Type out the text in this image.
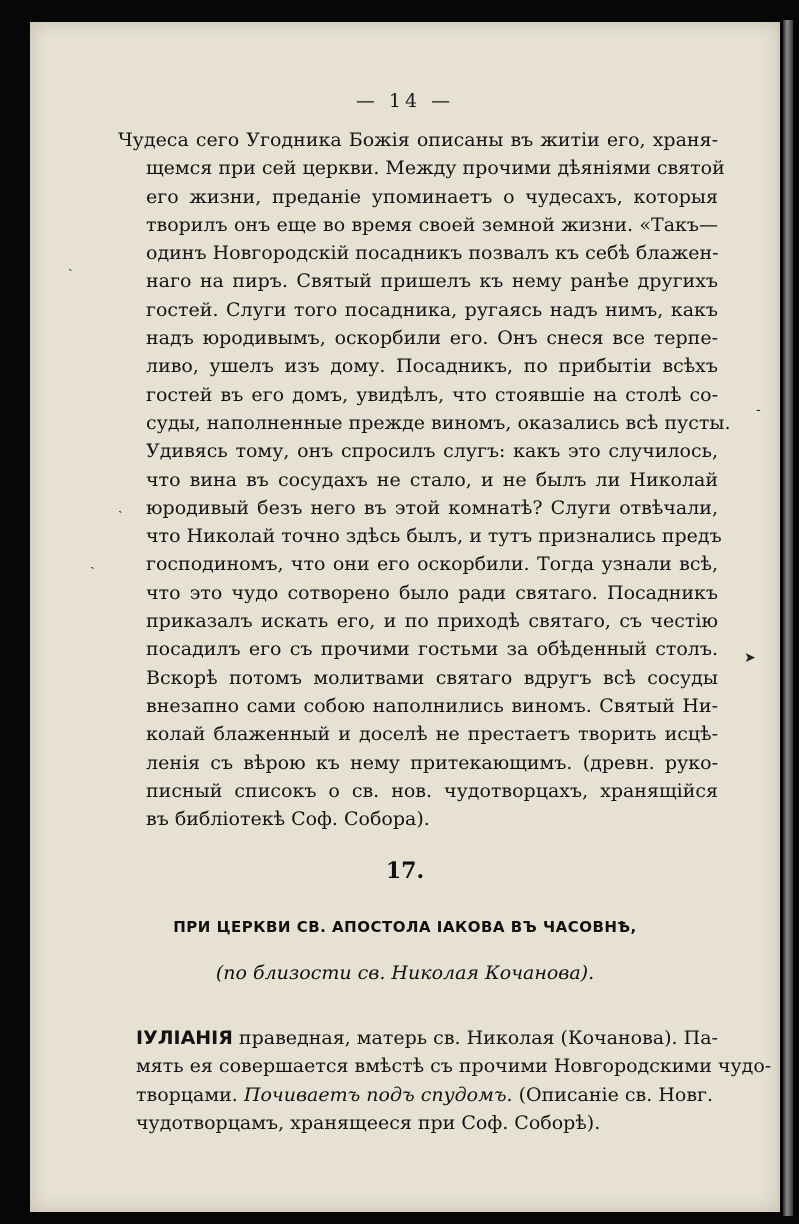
— 14 —
Чудеса сего Угодника Божія описаны въ житіи его, храня-
щемся при сей церкви. Между прочими дѣяніями святой
его жизни, преданіе упоминаетъ о чудесахъ, которыя
творилъ онъ еще во время своей земной жизни. «Такъ—
одинъ Новгородскій посадникъ позвалъ къ себѣ блажен-
наго на пиръ. Святый пришелъ къ нему ранѣе другихъ
гостей. Слуги того посадника, ругаясь надъ нимъ, какъ
надъ юродивымъ, оскорбили его. Онъ снеся все терпе-
ливо, ушелъ изъ дому. Посадникъ, по прибытіи всѣхъ
гостей въ его домъ, увидѣлъ, что стоявшіе на столѣ со-
суды, наполненные прежде виномъ, оказались всѣ пусты.
Удивясь тому, онъ спросилъ слугъ: какъ это случилось,
что вина въ сосудахъ не стало, и не былъ ли Николай
юродивый безъ него въ этой комнатѣ? Слуги отвѣчали,
что Николай точно здѣсь былъ, и тутъ признались предъ
господиномъ, что они его оскорбили. Тогда узнали всѣ,
что это чудо сотворено было ради святаго. Посадникъ
приказалъ искать его, и по приходѣ святаго, съ честію
посадилъ его съ прочими гостьми за обѣденный столъ.
Вскорѣ потомъ молитвами святаго вдругъ всѣ сосуды
внезапно сами собою наполнились виномъ. Святый Ни-
колай блаженный и доселѣ не престаетъ творить исцѣ-
ленія съ вѣрою къ нему притекающимъ. (древн. руко-
писный списокъ о св. нов. чудотворцахъ, хранящійся
въ библіотекѣ Соф. Собора).
17.
ПРИ ЦЕРКВИ СВ. АПОСТОЛА ІАКОВА ВЪ ЧАСОВНѢ,
(по близости св. Николая Кочанова).
ІУЛІАНІЯ праведная, матерь св. Николая (Кочанова). Па-
мять ея совершается вмѣстѣ съ прочими Новгородскими чудо-
творцами. Почиваетъ подъ спудомъ. (Описаніе св. Новг.
чудотворцамъ, хранящееся при Соф. Соборѣ).
ˎ
ˎ
ˎ
➤
-
